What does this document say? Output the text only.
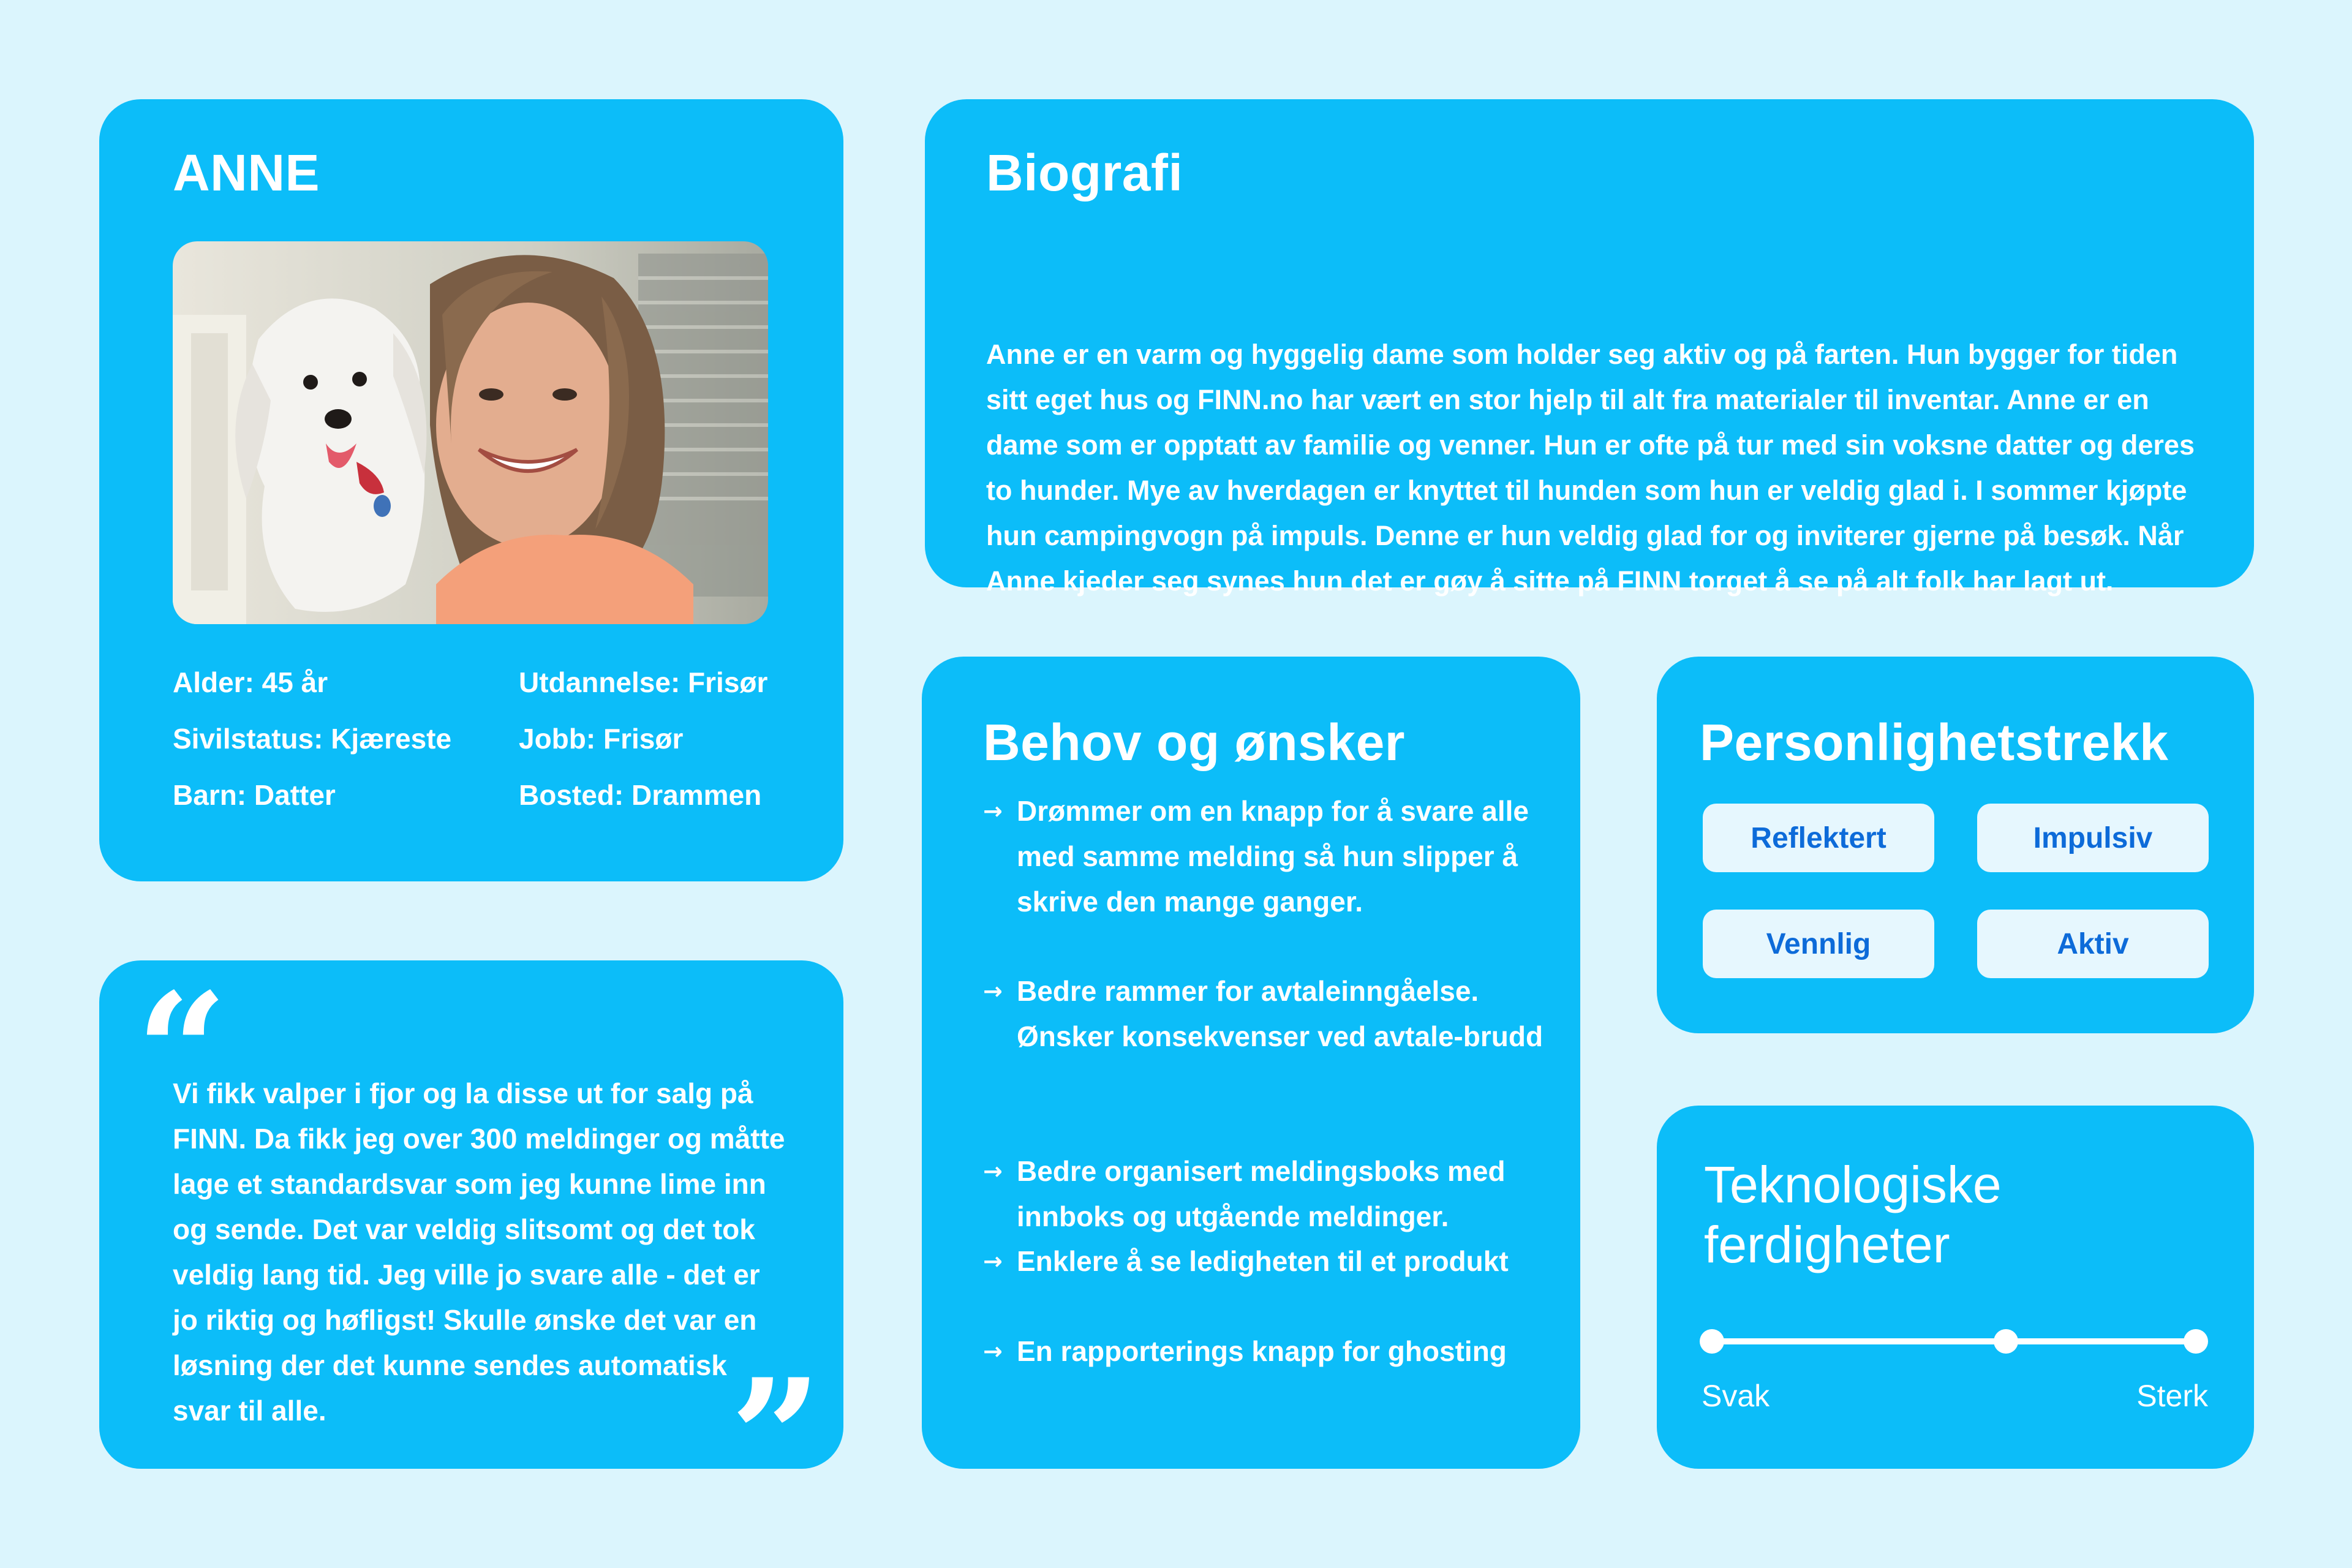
ANNE
Alder: 45 år	Utdannelse: Frisør
Sivilstatus: Kjæreste Jobb: Frisør
Barn: Datter	Bosted: Drammen
“

Vi fikk valper i fjor og la disse ut for salg på FINN. Da fikk jeg over 300 meldinger og måtte lage et standardsvar som jeg kunne lime inn og sende. Det var veldig slitsomt og det tok veldig lang tid. Jeg ville jo svare alle - det er jo riktig og høfligst! Skulle ønske det var en løsning der det kunne sendes automatisk svar til alle.	”
Biografi

Anne er en varm og hyggelig dame som holder seg aktiv og på farten. Hun bygger for tiden sitt eget hus og FINN.no har vært en stor hjelp til alt fra materialer til inventar. Anne er en dame som er opptatt av familie og venner. Hun er ofte på tur med sin voksne datter og deres to hunder. Mye av hverdagen er knyttet til hunden som hun er veldig glad i. I sommer kjøpte hun campingvogn på impuls. Denne er hun veldig glad for og inviterer gjerne på besøk. Når Anne kjeder seg synes hun det er gøy å sitte på FINN torget å se på alt folk har lagt ut.

Behov og ønsker
→ Drømmer om en knapp for å svare alle med samme melding så hun slipper å skrive den mange ganger.
→ Bedre rammer for avtaleinngåelse. Ønsker konsekvenser ved avtale-brudd
→ Bedre organisert meldingsboks med innboks og utgående meldinger.
→ Enklere å se ledigheten til et produkt
→ En rapporterings knapp for ghosting
Personlighetstrekk
Reflektert	Impulsiv
Vennlig	Aktiv

Teknologiske ferdigheter

Svak	Sterk
